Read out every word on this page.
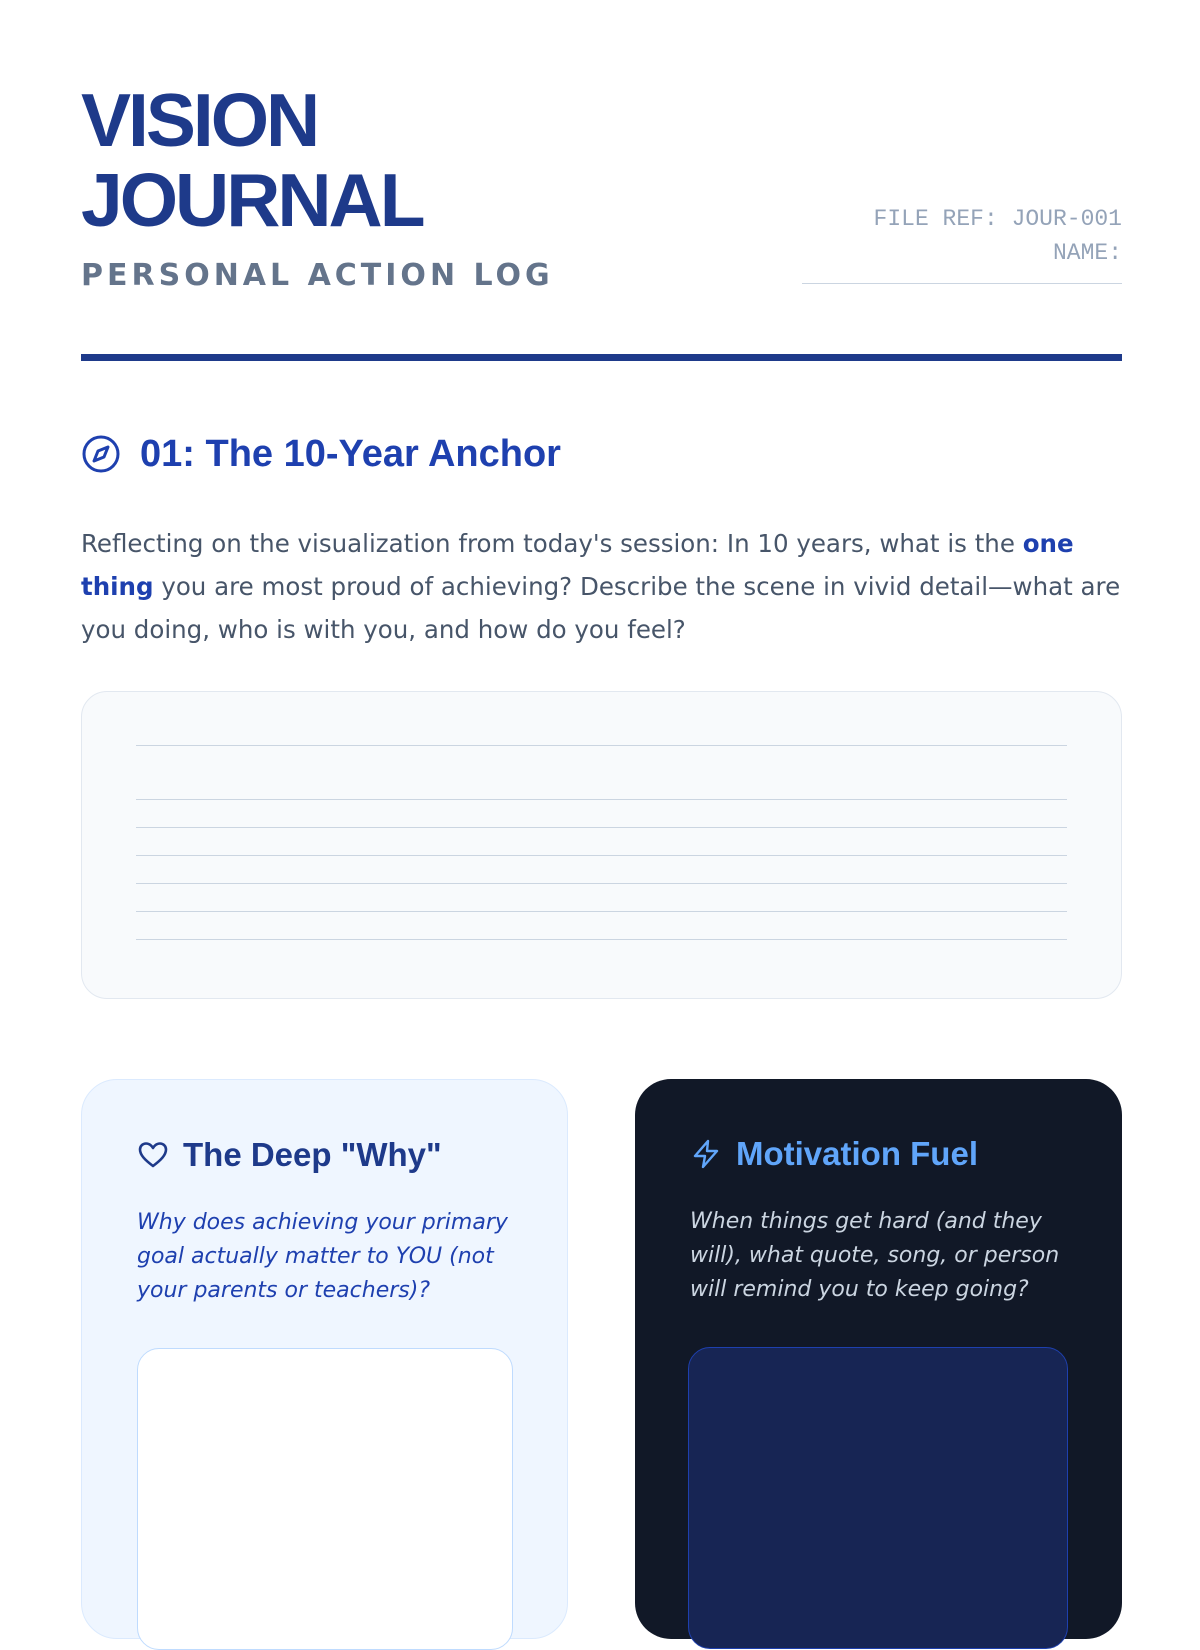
VISION
JOURNAL
PERSONAL ACTION LOG
FILE REF: JOUR-001
NAME:
01: The 10-Year Anchor

Reflecting on the visualization from today's session: In 10 years, what is the one thing you are most proud of achieving? Describe the scene in vivid detail—what are you doing, who is with you, and how do you feel?

The Deep "Why"

Why does achieving your primary goal actually matter to YOU (not your parents or teachers)?

Motivation Fuel

When things get hard (and they will), what quote, song, or person will remind you to keep going?
